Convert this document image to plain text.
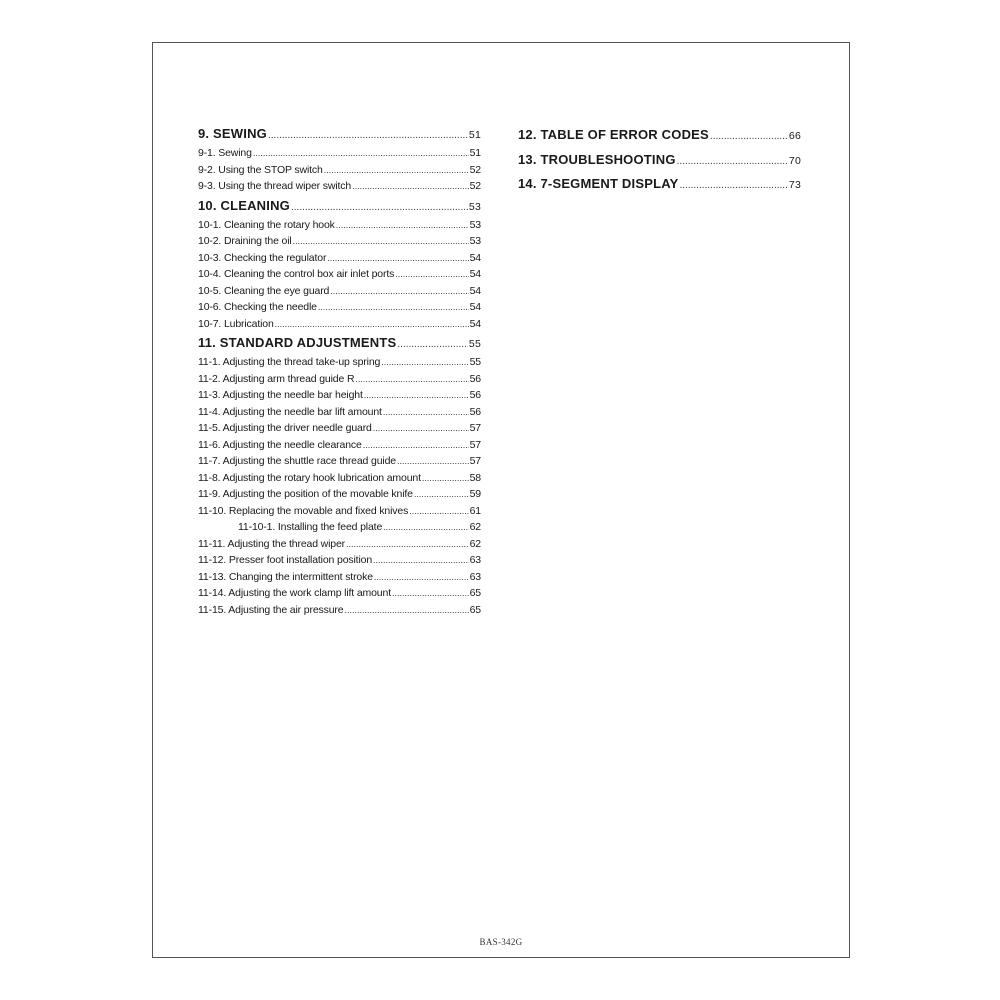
9. SEWING .....	51
9-1. Sewing .....	51
9-2. Using the STOP switch .....	52
9-3. Using the thread wiper switch .....	52
10. CLEANING .....	53
10-1. Cleaning the rotary hook .....	53
10-2. Draining the oil .....	53
10-3. Checking the regulator .....	54
10-4. Cleaning the control box air inlet ports .....	54
10-5. Cleaning the eye guard .....	54
10-6. Checking the needle .....	54
10-7. Lubrication .....	54
11. STANDARD ADJUSTMENTS .....	55
11-1. Adjusting the thread take-up spring .....	55
11-2. Adjusting arm thread guide R .....	56
11-3. Adjusting the needle bar height .....	56
11-4. Adjusting the needle bar lift amount .....	56
11-5. Adjusting the driver needle guard .....	57
11-6. Adjusting the needle clearance .....	57
11-7. Adjusting the shuttle race thread guide .....	57
11-8. Adjusting the rotary hook lubrication amount .....	58
11-9. Adjusting the position of the movable knife .....	59
11-10. Replacing the movable and fixed knives .....	61
11-10-1. Installing the feed plate .....	62
11-11. Adjusting the thread wiper .....	62
11-12. Presser foot installation position .....	63
11-13. Changing the intermittent stroke .....	63
11-14. Adjusting the work clamp lift amount .....	65
11-15. Adjusting the air pressure .....	65
12. TABLE OF ERROR CODES .....	66
13. TROUBLESHOOTING .....	70
14. 7-SEGMENT DISPLAY .....	73
BAS-342G
